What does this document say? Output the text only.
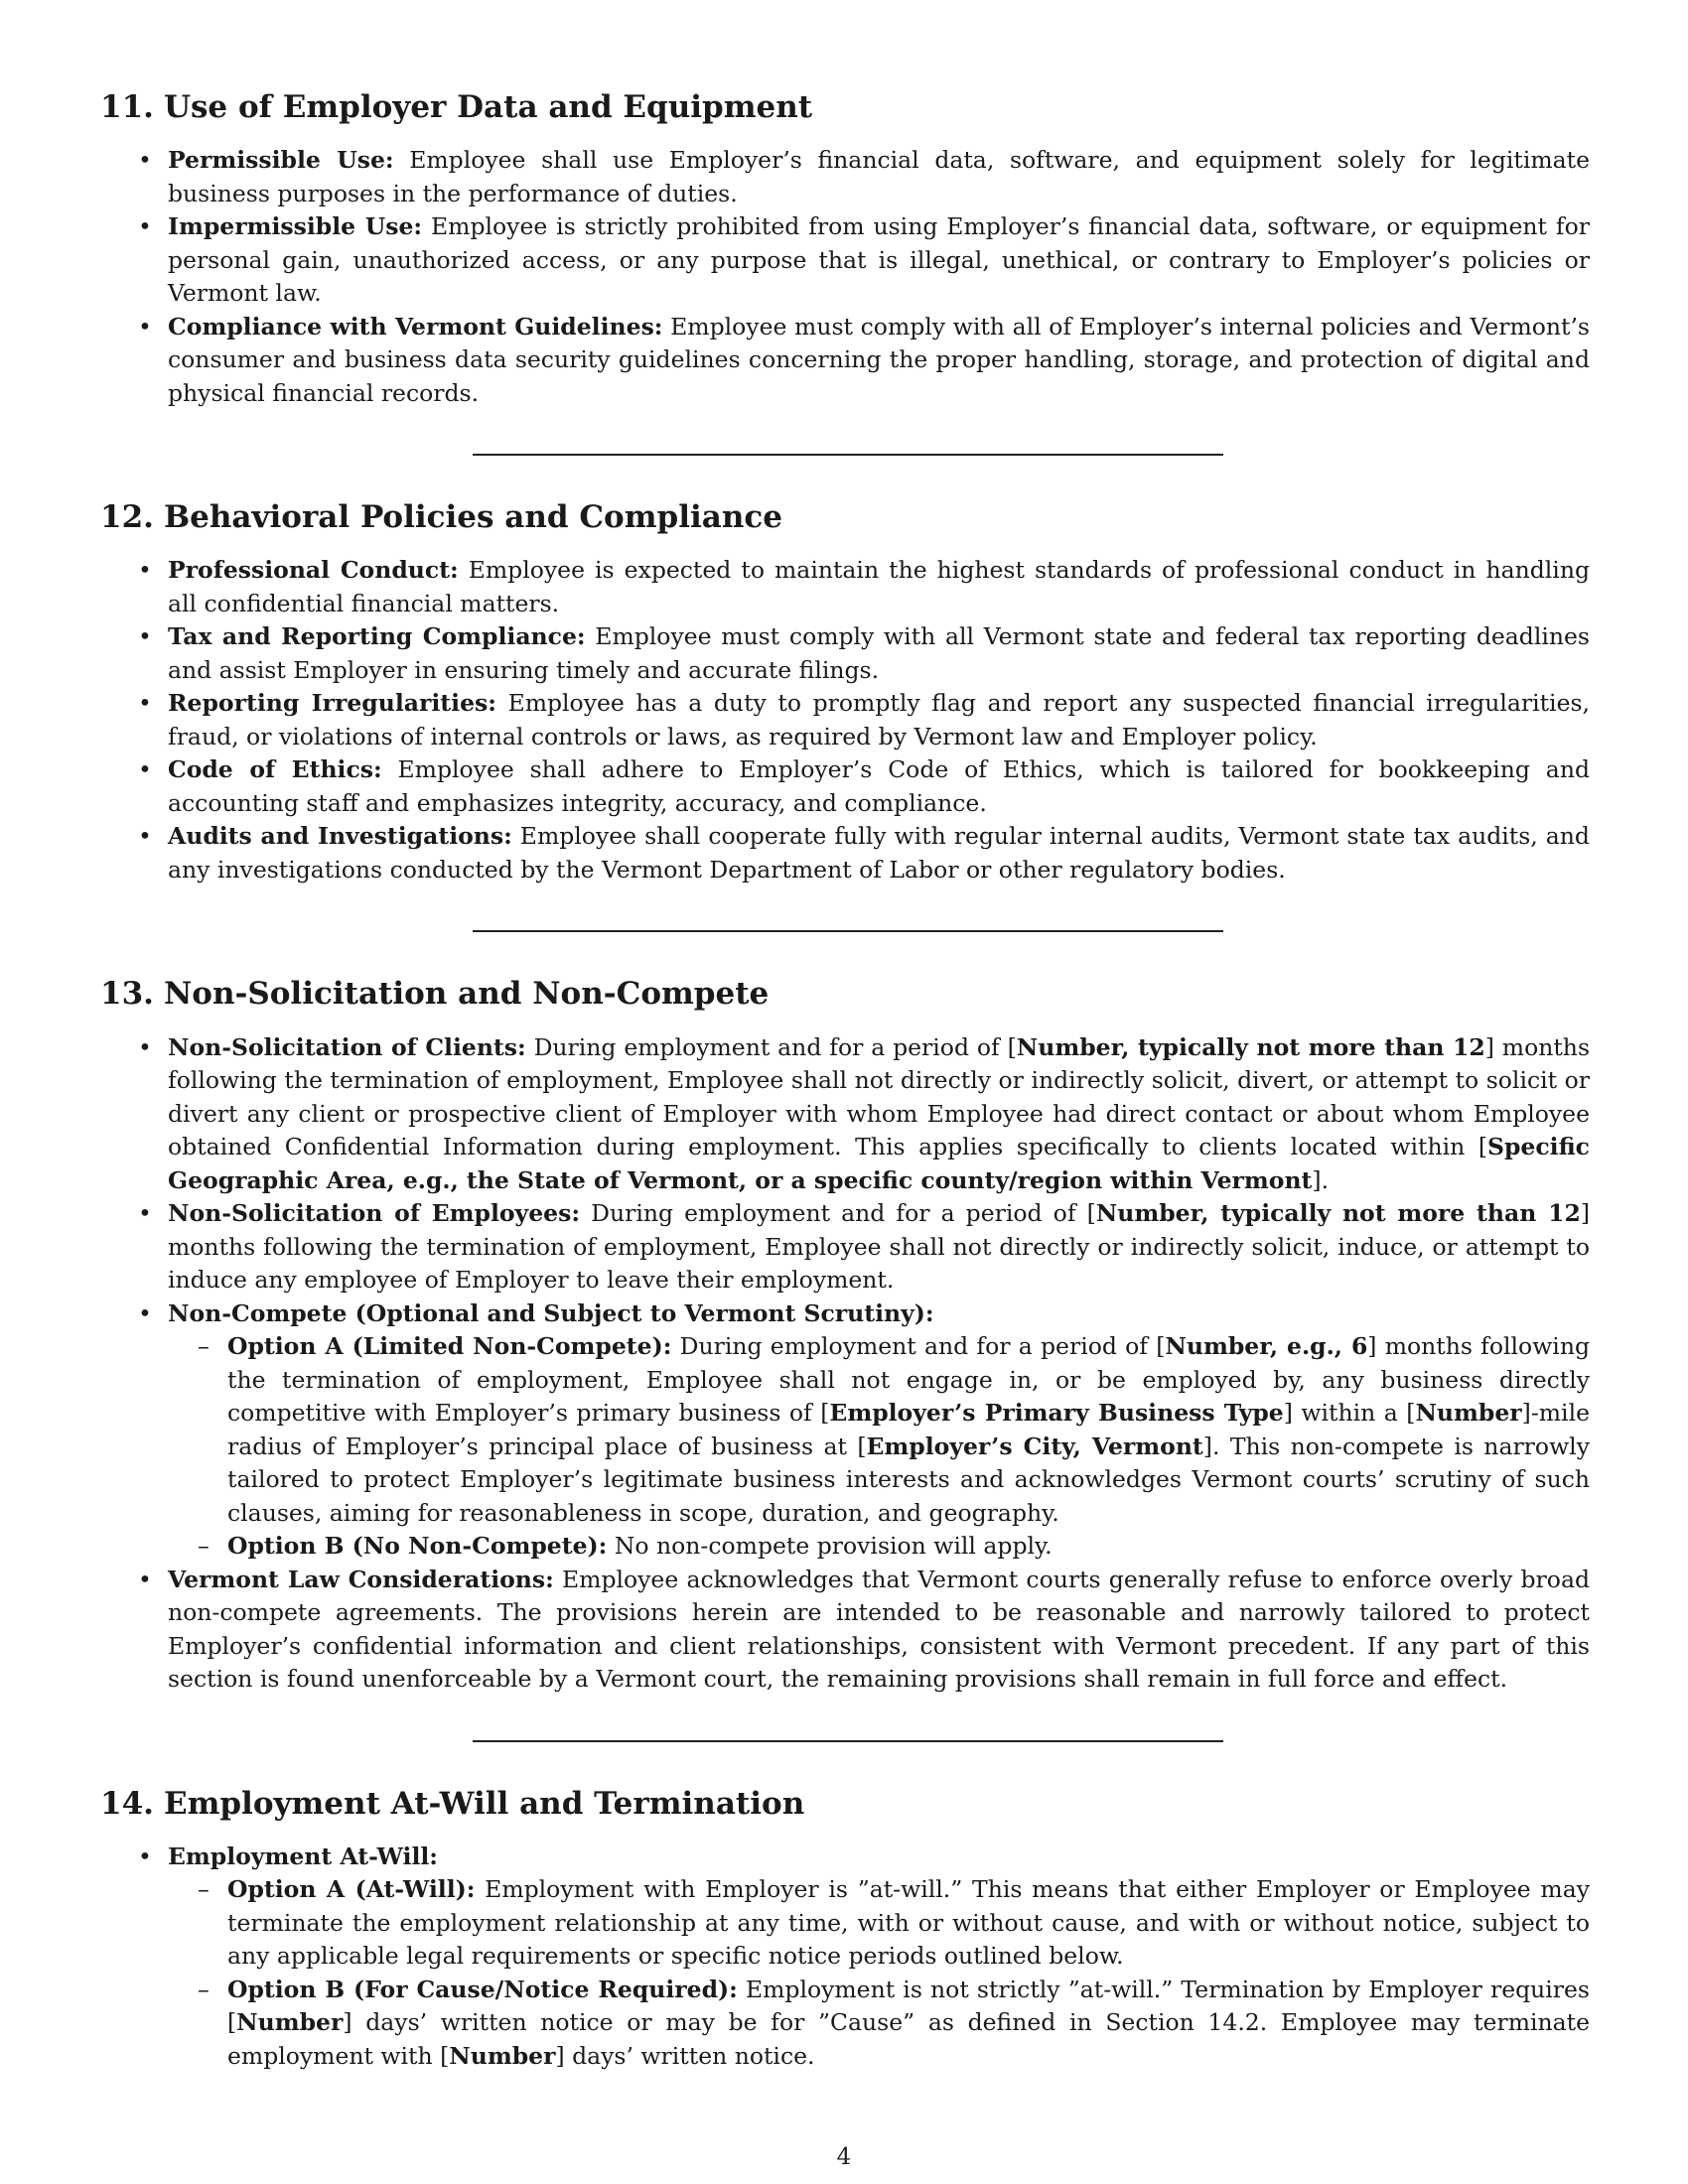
11. Use of Employer Data and Equipment
• Permissible Use: Employee shall use Employer’s financial data, software, and equipment solely for legitimate business purposes in the performance of duties.
• Impermissible Use: Employee is strictly prohibited from using Employer’s financial data, software, or equipment for personal gain, unauthorized access, or any purpose that is illegal, unethical, or contrary to Employer’s policies or Vermont law.
• Compliance with Vermont Guidelines: Employee must comply with all of Employer’s internal policies and Vermont’s consumer and business data security guidelines concerning the proper handling, storage, and protection of digital and physical financial records.
12. Behavioral Policies and Compliance
• Professional Conduct: Employee is expected to maintain the highest standards of professional conduct in handling all confidential financial matters.
• Tax and Reporting Compliance: Employee must comply with all Vermont state and federal tax reporting deadlines and assist Employer in ensuring timely and accurate filings.
• Reporting Irregularities: Employee has a duty to promptly flag and report any suspected financial irregularities, fraud, or violations of internal controls or laws, as required by Vermont law and Employer policy.
• Code of Ethics: Employee shall adhere to Employer’s Code of Ethics, which is tailored for bookkeeping and accounting staff and emphasizes integrity, accuracy, and compliance.
• Audits and Investigations: Employee shall cooperate fully with regular internal audits, Vermont state tax audits, and any investigations conducted by the Vermont Department of Labor or other regulatory bodies.
13. Non-Solicitation and Non-Compete
• Non-Solicitation of Clients: During employment and for a period of [Number, typically not more than 12] months following the termination of employment, Employee shall not directly or indirectly solicit, divert, or attempt to solicit or divert any client or prospective client of Employer with whom Employee had direct contact or about whom Employee obtained Confidential Information during employment. This applies specifically to clients located within [Specific Geographic Area, e.g., the State of Vermont, or a specific county/region within Vermont].
• Non-Solicitation of Employees: During employment and for a period of [Number, typically not more than 12] months following the termination of employment, Employee shall not directly or indirectly solicit, induce, or attempt to induce any employee of Employer to leave their employment.
• Non-Compete (Optional and Subject to Vermont Scrutiny):
– Option A (Limited Non-Compete): During employment and for a period of [Number, e.g., 6] months following the termination of employment, Employee shall not engage in, or be employed by, any business directly competitive with Employer’s primary business of [Employer’s Primary Business Type] within a [Number]-mile radius of Employer’s principal place of business at [Employer’s City, Vermont]. This non-compete is narrowly tailored to protect Employer’s legitimate business interests and acknowledges Vermont courts’ scrutiny of such clauses, aiming for reasonableness in scope, duration, and geography.
– Option B (No Non-Compete): No non-compete provision will apply.
• Vermont Law Considerations: Employee acknowledges that Vermont courts generally refuse to enforce overly broad non-compete agreements. The provisions herein are intended to be reasonable and narrowly tailored to protect Employer’s confidential information and client relationships, consistent with Vermont precedent. If any part of this section is found unenforceable by a Vermont court, the remaining provisions shall remain in full force and effect.
14. Employment At-Will and Termination
• Employment At-Will:
– Option A (At-Will): Employment with Employer is ”at-will.” This means that either Employer or Employee may terminate the employment relationship at any time, with or without cause, and with or without notice, subject to any applicable legal requirements or specific notice periods outlined below.
– Option B (For Cause/Notice Required): Employment is not strictly ”at-will.” Termination by Employer requires [Number] days’ written notice or may be for ”Cause” as defined in Section 14.2. Employee may terminate employment with [Number] days’ written notice.
4
